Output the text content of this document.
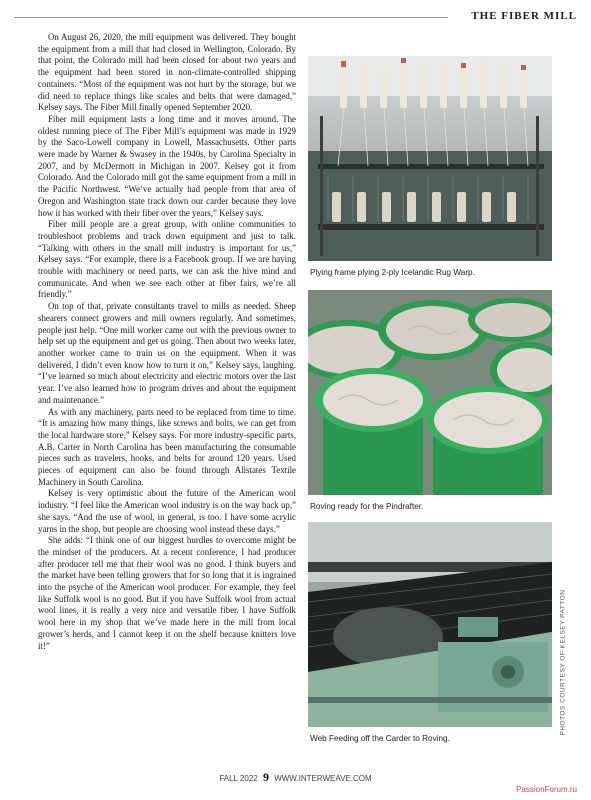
THE FIBER MILL

On August 26, 2020, the mill equipment was delivered. They bought the equipment from a mill that had closed in Wellington, Colorado. By that point, the Colorado mill had been closed for about two years and the equipment had been stored in non-climate-controlled shipping containers. “Most of the equipment was not hurt by the storage, but we did need to replace things like scales and belts that were damaged,” Kelsey says. The Fiber Mill finally opened September 2020.

Fiber mill equipment lasts a long time and it moves around. The oldest running piece of The Fiber Mill’s equipment was made in 1929 by the Saco-Lowell company in Lowell, Massachusetts. Other parts were made by Warner & Swasey in the 1940s, by Carolina Specialty in 2007, and by McDermott in Michigan in 2007. Kelsey got it from Colorado. And the Colorado mill got the same equipment from a mill in the Pacific Northwest. “We’ve actually had people from that area of Oregon and Washington state track down our carder because they love how it has worked with their fiber over the years,” Kelsey says.

Fiber mill people are a great group, with online communities to troubleshoot problems and track down equipment and just to talk. “Talking with others in the small mill industry is important for us,” Kelsey says. “For example, there is a Facebook group. If we are having trouble with machinery or need parts, we can ask the hive mind and communicate. And when we see each other at fiber fairs, we’re all friendly.”

On top of that, private consultants travel to mills as needed. Sheep shearers connect growers and mill owners regularly. And sometimes, people just help. “One mill worker came out with the previous owner to help set up the equipment and get us going. Then about two weeks later, another worker came to train us on the equipment. When it was delivered, I didn’t even know how to turn it on,” Kelsey says, laughing. “I’ve learned so much about electricity and electric motors over the last year. I’ve also learned how to program drives and about the equipment and maintenance.”

As with any machinery, parts need to be replaced from time to time. “It is amazing how many things, like screws and bolts, we can get from the local hardware store,” Kelsey says. For more industry-specific parts, A.B. Carter in North Carolina has been manufacturing the consumable pieces such as travelers, hooks, and belts for around 120 years. Used pieces of equipment can also be found through Allstates Textile Machinery in South Carolina.

Kelsey is very optimistic about the future of the American wool industry. “I feel like the American wool industry is on the way back up,” she says. “And the use of wool, in general, is too. I have some acrylic yarns in the shop, but people are choosing wool instead these days.”

She adds: “I think one of our biggest hurdles to overcome might be the mindset of the producers. At a recent conference, I had producer after producer tell me that their wool was no good. I think buyers and the market have been telling growers that for so long that it is ingrained into the psyche of the American wool producer. For example, they feel like Suffolk wool is no good. But if you have Suffolk wool from actual wool lines, it is really a very nice and versatile fiber. I have Suffolk wool here in my shop that we’ve made here in the mill from local grower’s herds, and I cannot keep it on the shelf because knitters love it!”

Plying frame plying 2-ply Icelandic Rug Warp.
Roving ready for the Pindrafter.
Web Feeding off the Carder to Roving.
PHOTOS COURTESY OF KELSEY PATTON
FALL 2022 9 WWW.INTERWEAVE.COM
PassionForum.ru
